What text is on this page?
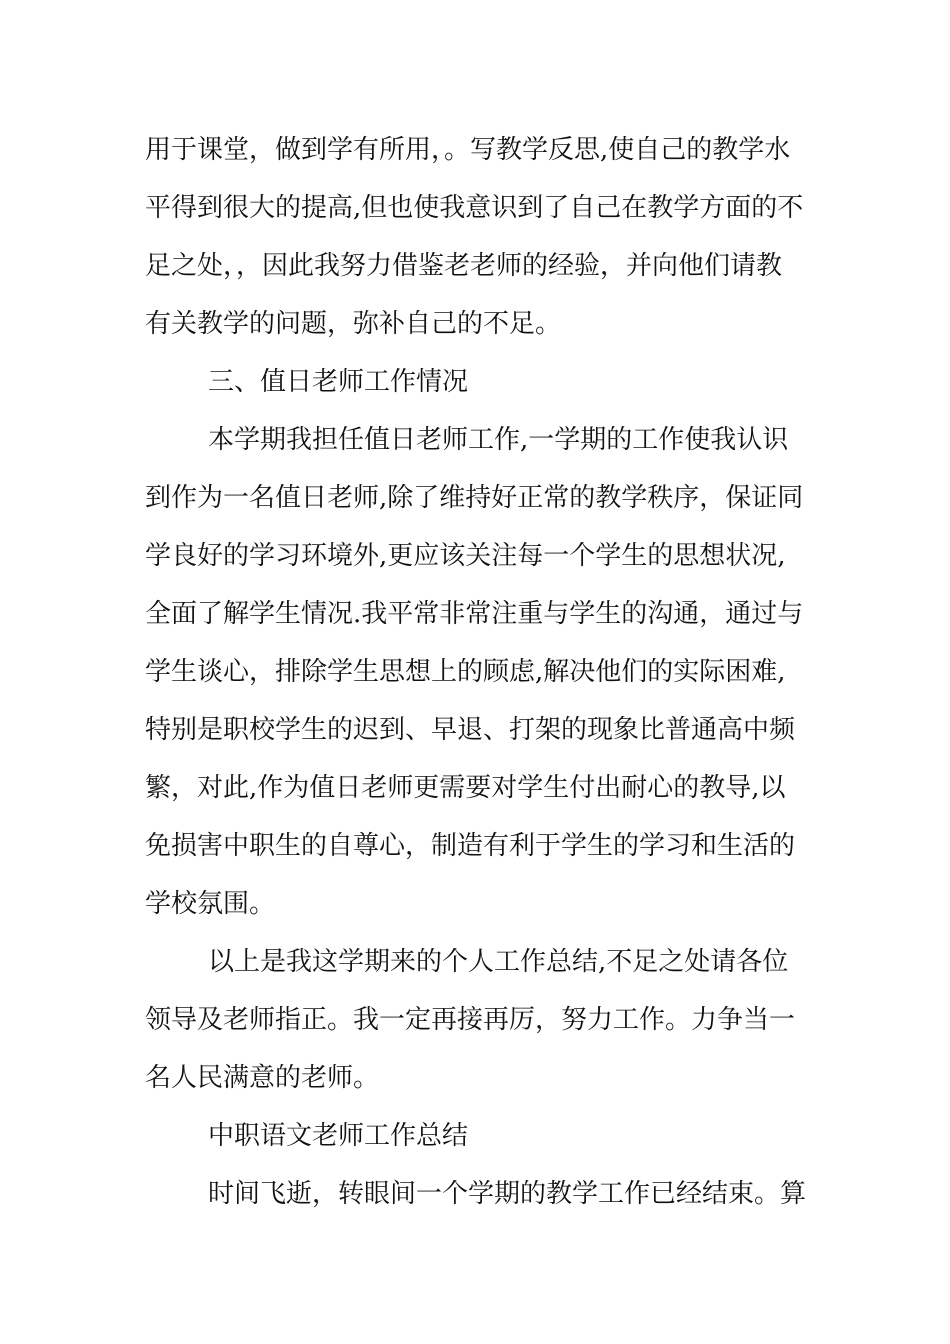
用于课堂，做到学有所用，。写教学反思,使自己的教学水
平得到很大的提高,但也使我意识到了自己在教学方面的不
足之处，，因此我努力借鉴老老师的经验，并向他们请教
有关教学的问题，弥补自己的不足。
三、值日老师工作情况
本学期我担任值日老师工作,一学期的工作使我认识
到作为一名值日老师,除了维持好正常的教学秩序，保证同
学良好的学习环境外,更应该关注每一个学生的思想状况,
全面了解学生情况.我平常非常注重与学生的沟通，通过与
学生谈心，排除学生思想上的顾虑,解决他们的实际困难,
特别是职校学生的迟到、早退、打架的现象比普通高中频
繁，对此,作为值日老师更需要对学生付出耐心的教导,以
免损害中职生的自尊心，制造有利于学生的学习和生活的
学校氛围。
以上是我这学期来的个人工作总结,不足之处请各位
领导及老师指正。我一定再接再厉，努力工作。力争当一
名人民满意的老师。
中职语文老师工作总结
时间飞逝，转眼间一个学期的教学工作已经结束。算
